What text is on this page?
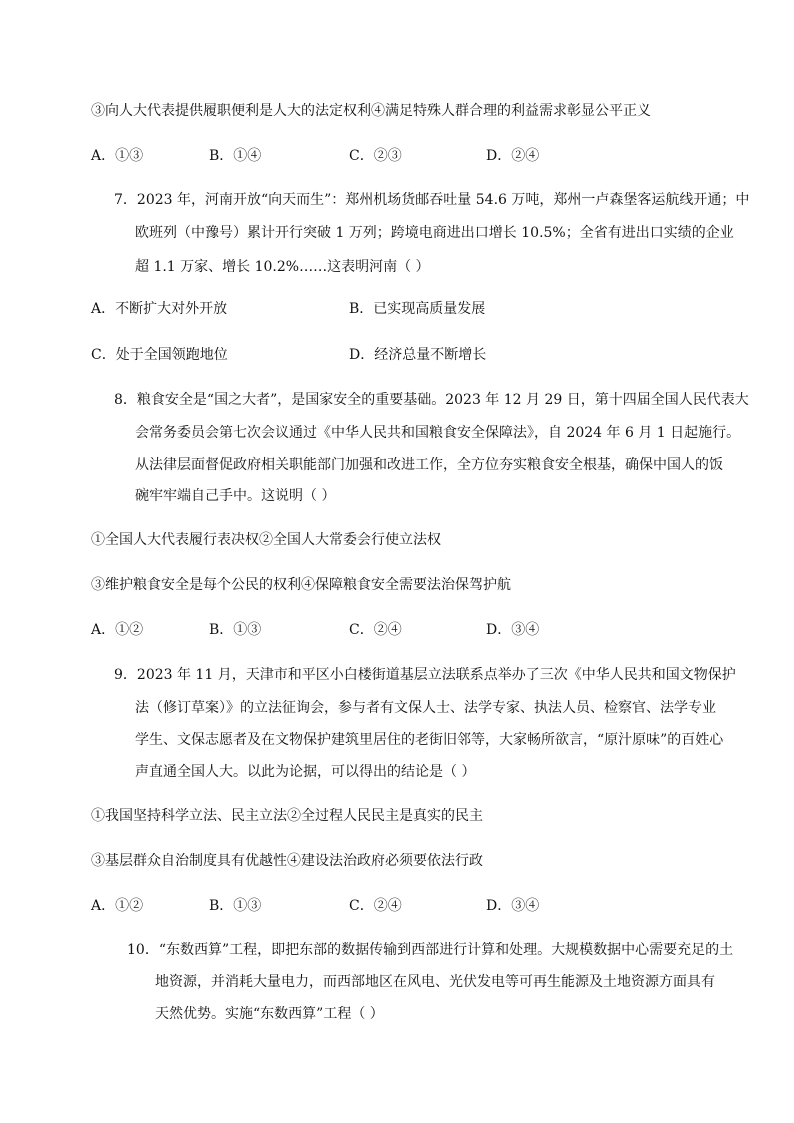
③向人大代表提供履职便利是人大的法定权利④满足特殊人群合理的利益需求彰显公平正义
A．①③	B．①④	C．②③	D．②④
7．2023 年，河南开放“向天而生”：郑州机场货邮吞吐量 54.6 万吨，郑州一卢森堡客运航线开通；中
欧班列（中豫号）累计开行突破 1 万列；跨境电商进出口增长 10.5%；全省有进出口实绩的企业
超 1.1 万家、增长 10.2%……这表明河南（ ）
A．不断扩大对外开放	B．已实现高质量发展
C．处于全国领跑地位	D．经济总量不断增长
8．粮食安全是“国之大者”，是国家安全的重要基础。2023 年 12 月 29 日，第十四届全国人民代表大
会常务委员会第七次会议通过《中华人民共和国粮食安全保障法》，自 2024 年 6 月 1 日起施行。
从法律层面督促政府相关职能部门加强和改进工作，全方位夯实粮食安全根基，确保中国人的饭
碗牢牢端自己手中。这说明（ ）
①全国人大代表履行表决权②全国人大常委会行使立法权
③维护粮食安全是每个公民的权利④保障粮食安全需要法治保驾护航
A．①②	B．①③	C．②④	D．③④
9．2023 年 11 月，天津市和平区小白楼街道基层立法联系点举办了三次《中华人民共和国文物保护
法（修订草案）》的立法征询会，参与者有文保人士、法学专家、执法人员、检察官、法学专业
学生、文保志愿者及在文物保护建筑里居住的老街旧邻等，大家畅所欲言，“原汁原味”的百姓心
声直通全国人大。以此为论据，可以得出的结论是（ ）
①我国坚持科学立法、民主立法②全过程人民民主是真实的民主
③基层群众自治制度具有优越性④建设法治政府必须要依法行政
A．①②	B．①③	C．②④	D．③④
10．“东数西算”工程，即把东部的数据传输到西部进行计算和处理。大规模数据中心需要充足的土
地资源，并消耗大量电力，而西部地区在风电、光伏发电等可再生能源及土地资源方面具有
天然优势。实施“东数西算”工程（ ）
